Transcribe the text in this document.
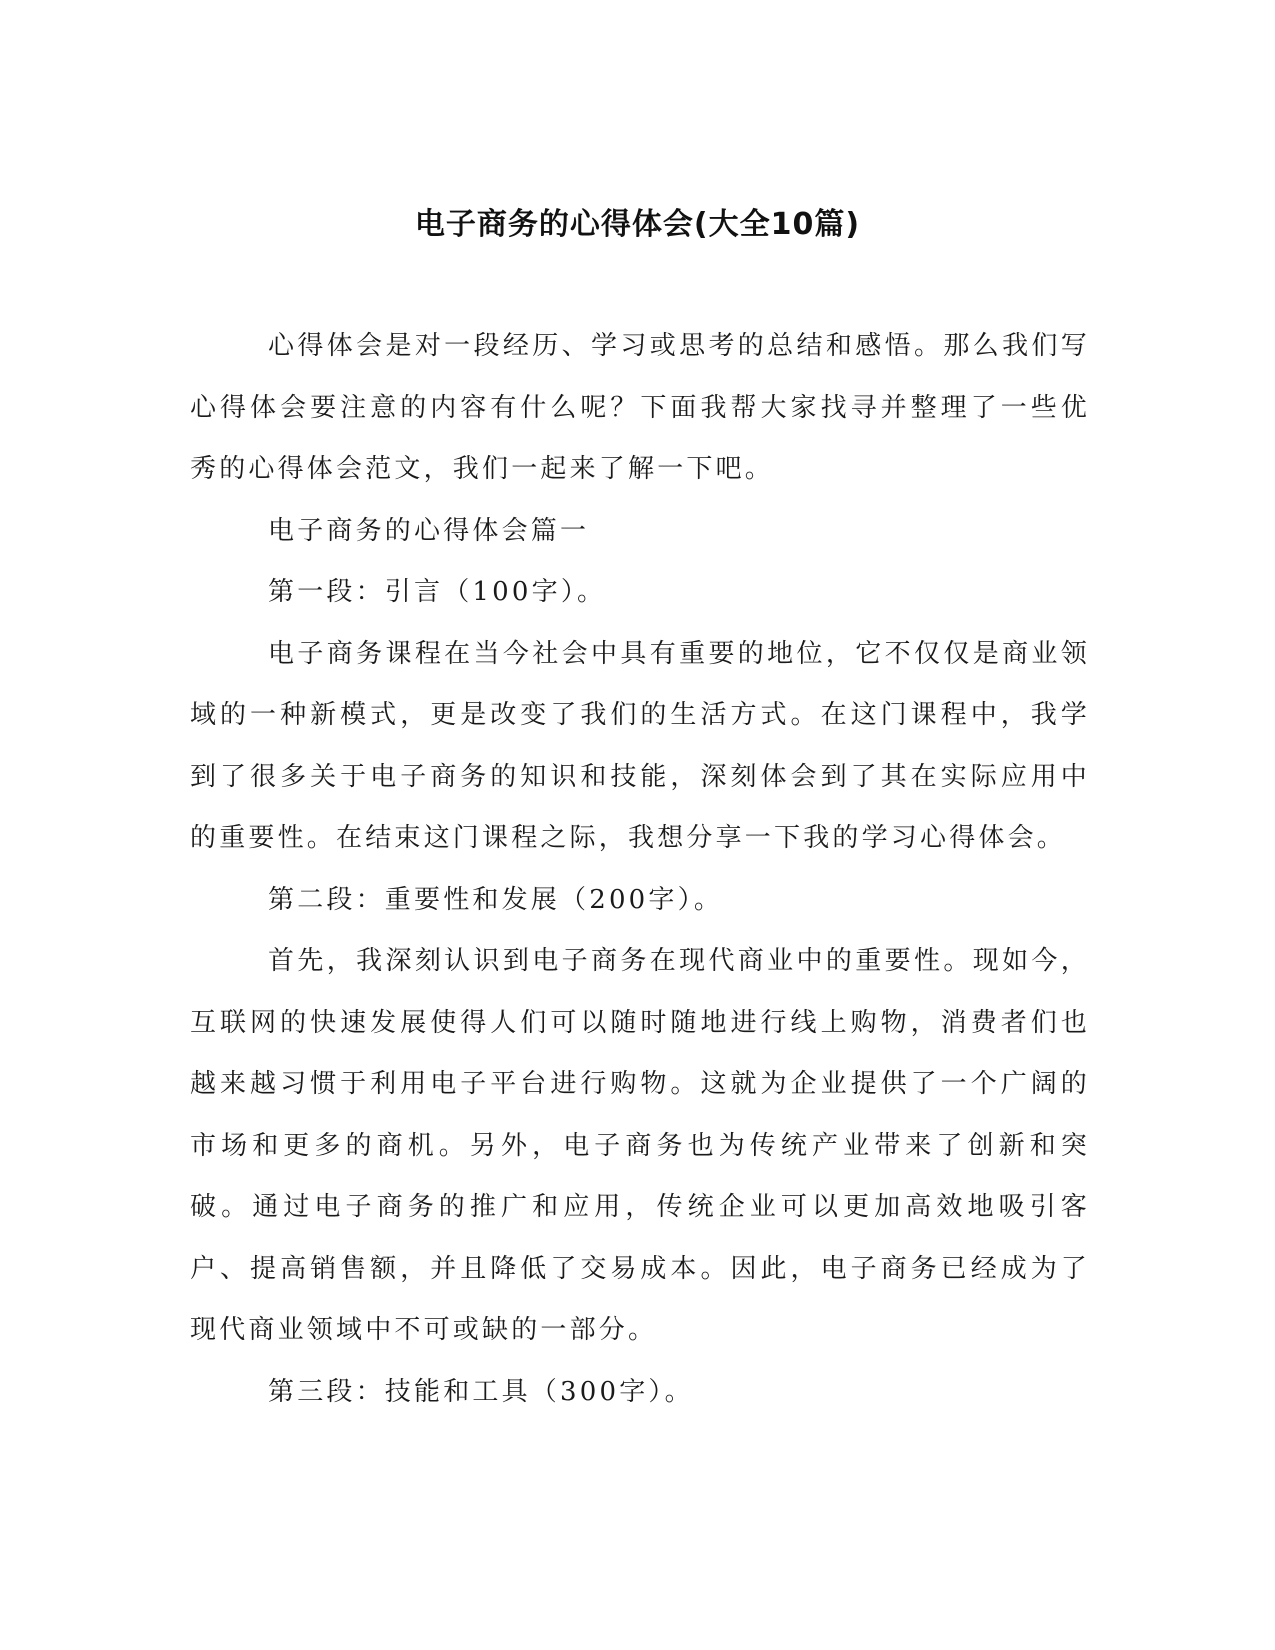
电子商务的心得体会(大全10篇)

心得体会是对一段经历、学习或思考的总结和感悟。那么我们写心得体会要注意的内容有什么呢？下面我帮大家找寻并整理了一些优秀的心得体会范文，我们一起来了解一下吧。

电子商务的心得体会篇一

第一段：引言（100字）。

电子商务课程在当今社会中具有重要的地位，它不仅仅是商业领域的一种新模式，更是改变了我们的生活方式。在这门课程中，我学到了很多关于电子商务的知识和技能，深刻体会到了其在实际应用中的重要性。在结束这门课程之际，我想分享一下我的学习心得体会。

第二段：重要性和发展（200字）。

首先，我深刻认识到电子商务在现代商业中的重要性。现如今，互联网的快速发展使得人们可以随时随地进行线上购物，消费者们也越来越习惯于利用电子平台进行购物。这就为企业提供了一个广阔的市场和更多的商机。另外，电子商务也为传统产业带来了创新和突破。通过电子商务的推广和应用，传统企业可以更加高效地吸引客户、提高销售额，并且降低了交易成本。因此，电子商务已经成为了现代商业领域中不可或缺的一部分。

第三段：技能和工具（300字）。
